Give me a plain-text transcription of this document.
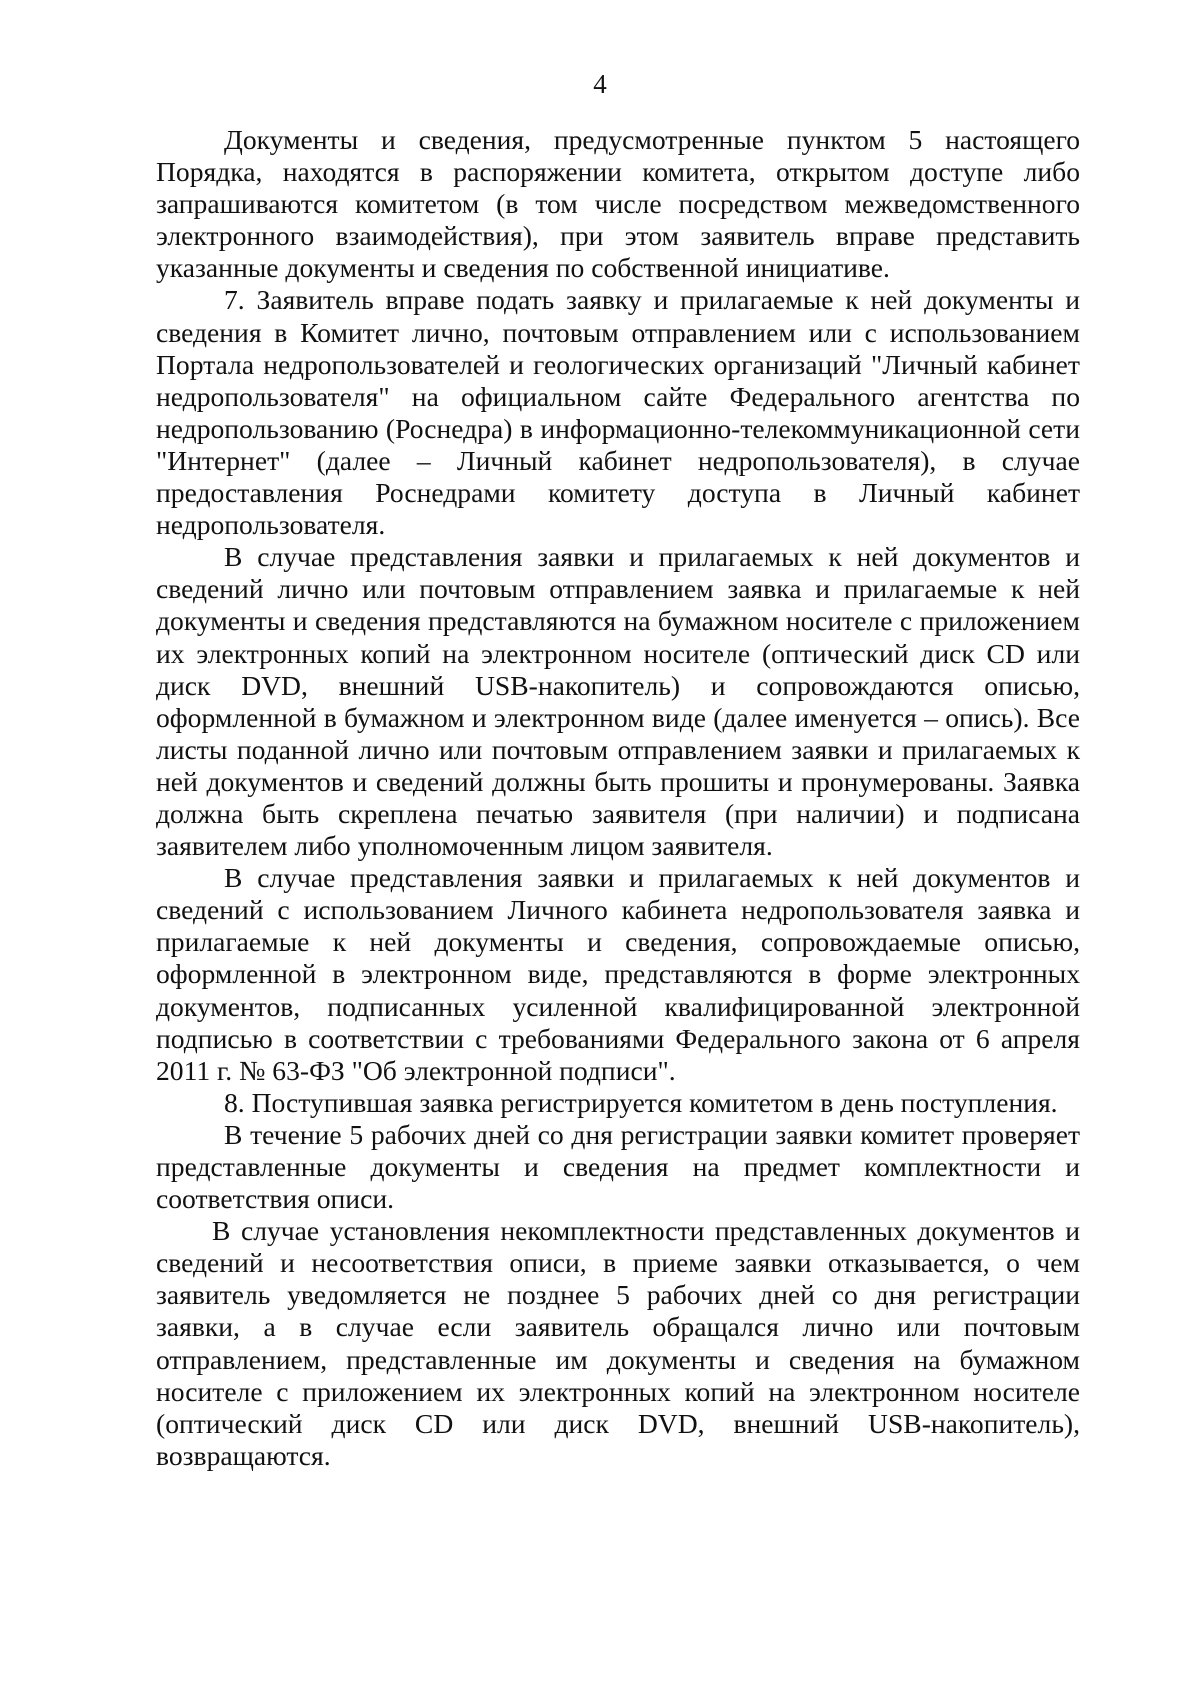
4

Документы и сведения, предусмотренные пунктом 5 настоящего Порядка, находятся в распоряжении комитета, открытом доступе либо запрашиваются комитетом (в том числе посредством межведомственного электронного взаимодействия), при этом заявитель вправе представить указанные документы и сведения по собственной инициативе.

7. Заявитель вправе подать заявку и прилагаемые к ней документы и сведения в Комитет лично, почтовым отправлением или с использованием Портала недропользователей и геологических организаций "Личный кабинет недропользователя" на официальном сайте Федерального агентства по недропользованию (Роснедра) в информационно-телекоммуникационной сети "Интернет" (далее – Личный кабинет недропользователя), в случае предоставления Роснедрами комитету доступа в Личный кабинет недропользователя.

В случае представления заявки и прилагаемых к ней документов и сведений лично или почтовым отправлением заявка и прилагаемые к ней документы и сведения представляются на бумажном носителе с приложением их электронных копий на электронном носителе (оптический диск CD или диск DVD, внешний USB-накопитель) и сопровождаются описью, оформленной в бумажном и электронном виде (далее именуется – опись). Все листы поданной лично или почтовым отправлением заявки и прилагаемых к ней документов и сведений должны быть прошиты и пронумерованы. Заявка должна быть скреплена печатью заявителя (при наличии) и подписана заявителем либо уполномоченным лицом заявителя.

В случае представления заявки и прилагаемых к ней документов и сведений с использованием Личного кабинета недропользователя заявка и прилагаемые к ней документы и сведения, сопровождаемые описью, оформленной в электронном виде, представляются в форме электронных документов, подписанных усиленной квалифицированной электронной подписью в соответствии с требованиями Федерального закона от 6 апреля 2011 г. № 63-ФЗ "Об электронной подписи".

8. Поступившая заявка регистрируется комитетом в день поступления.

В течение 5 рабочих дней со дня регистрации заявки комитет проверяет представленные документы и сведения на предмет комплектности и соответствия описи.

В случае установления некомплектности представленных документов и сведений и несоответствия описи, в приеме заявки отказывается, о чем заявитель уведомляется не позднее 5 рабочих дней со дня регистрации заявки, а в случае если заявитель обращался лично или почтовым отправлением, представленные им документы и сведения на бумажном носителе с приложением их электронных копий на электронном носителе (оптический диск CD или диск DVD, внешний USB-накопитель), возвращаются.
